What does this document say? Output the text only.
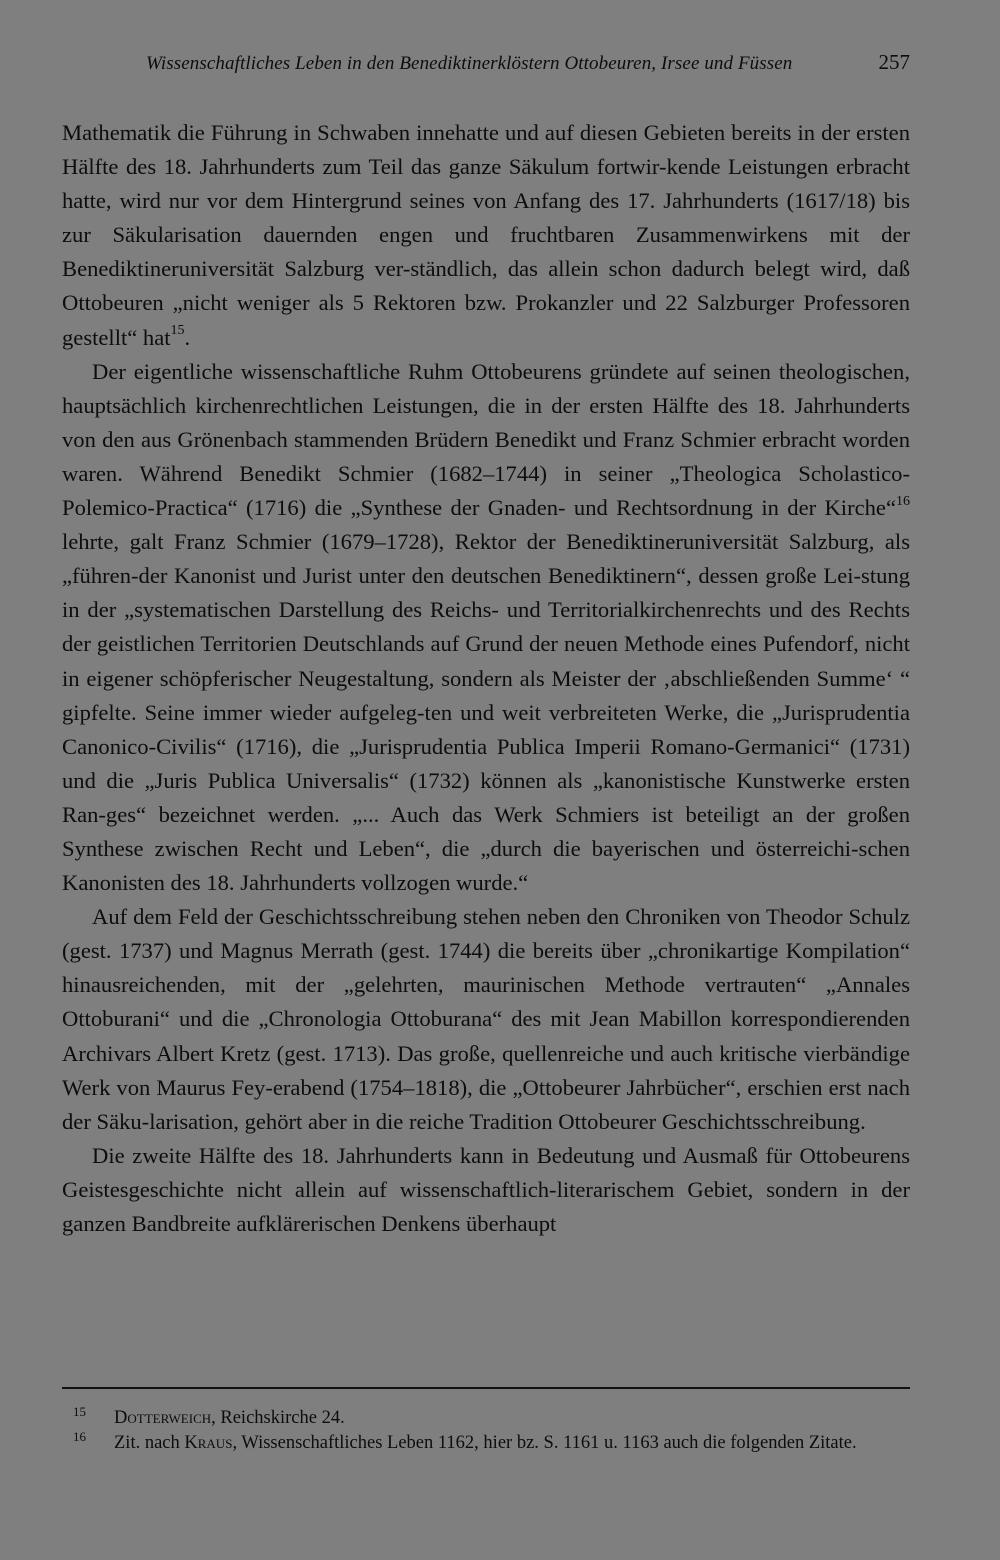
Wissenschaftliches Leben in den Benediktinerklöstern Ottobeuren, Irsee und Füssen	257

Mathematik die Führung in Schwaben innehatte und auf diesen Gebieten bereits in der ersten Hälfte des 18. Jahrhunderts zum Teil das ganze Säkulum fortwir-kende Leistungen erbracht hatte, wird nur vor dem Hintergrund seines von Anfang des 17. Jahrhunderts (1617/18) bis zur Säkularisation dauernden engen und fruchtbaren Zusammenwirkens mit der Benediktineruniversität Salzburg ver-ständlich, das allein schon dadurch belegt wird, daß Ottobeuren „nicht weniger als 5 Rektoren bzw. Prokanzler und 22 Salzburger Professoren gestellt“ hat$^{15}$.

Der eigentliche wissenschaftliche Ruhm Ottobeurens gründete auf seinen theologischen, hauptsächlich kirchenrechtlichen Leistungen, die in der ersten Hälfte des 18. Jahrhunderts von den aus Grönenbach stammenden Brüdern Benedikt und Franz Schmier erbracht worden waren. Während Benedikt Schmier (1682–1744) in seiner „Theologica Scholastico-Polemico-Practica“ (1716) die „Synthese der Gnaden- und Rechtsordnung in der Kirche“$^{16}$ lehrte, galt Franz Schmier (1679–1728), Rektor der Benediktineruniversität Salzburg, als „führen-der Kanonist und Jurist unter den deutschen Benediktinern“, dessen große Lei-stung in der „systematischen Darstellung des Reichs- und Territorialkirchenrechts und des Rechts der geistlichen Territorien Deutschlands auf Grund der neuen Methode eines Pufendorf, nicht in eigener schöpferischer Neugestaltung, sondern als Meister der ‚abschließenden Summe‘ “ gipfelte. Seine immer wieder aufgeleg-ten und weit verbreiteten Werke, die „Jurisprudentia Canonico-Civilis“ (1716), die „Jurisprudentia Publica Imperii Romano-Germanici“ (1731) und die „Juris Publica Universalis“ (1732) können als „kanonistische Kunstwerke ersten Ran-ges“ bezeichnet werden. „... Auch das Werk Schmiers ist beteiligt an der großen Synthese zwischen Recht und Leben“, die „durch die bayerischen und österreichi-schen Kanonisten des 18. Jahrhunderts vollzogen wurde.“

Auf dem Feld der Geschichtsschreibung stehen neben den Chroniken von Theodor Schulz (gest. 1737) und Magnus Merrath (gest. 1744) die bereits über „chronikartige Kompilation“ hinausreichenden, mit der „gelehrten, maurinischen Methode vertrauten“ „Annales Ottoburani“ und die „Chronologia Ottoburana“ des mit Jean Mabillon korrespondierenden Archivars Albert Kretz (gest. 1713). Das große, quellenreiche und auch kritische vierbändige Werk von Maurus Fey-erabend (1754–1818), die „Ottobeurer Jahrbücher“, erschien erst nach der Säku-larisation, gehört aber in die reiche Tradition Ottobeurer Geschichtsschreibung.

Die zweite Hälfte des 18. Jahrhunderts kann in Bedeutung und Ausmaß für Ottobeurens Geistesgeschichte nicht allein auf wissenschaftlich-literarischem Gebiet, sondern in der ganzen Bandbreite aufklärerischen Denkens überhaupt

15 Dotterweich, Reichskirche 24.

16 Zit. nach Kraus, Wissenschaftliches Leben 1162, hier bz. S. 1161 u. 1163 auch die folgenden Zitate.
